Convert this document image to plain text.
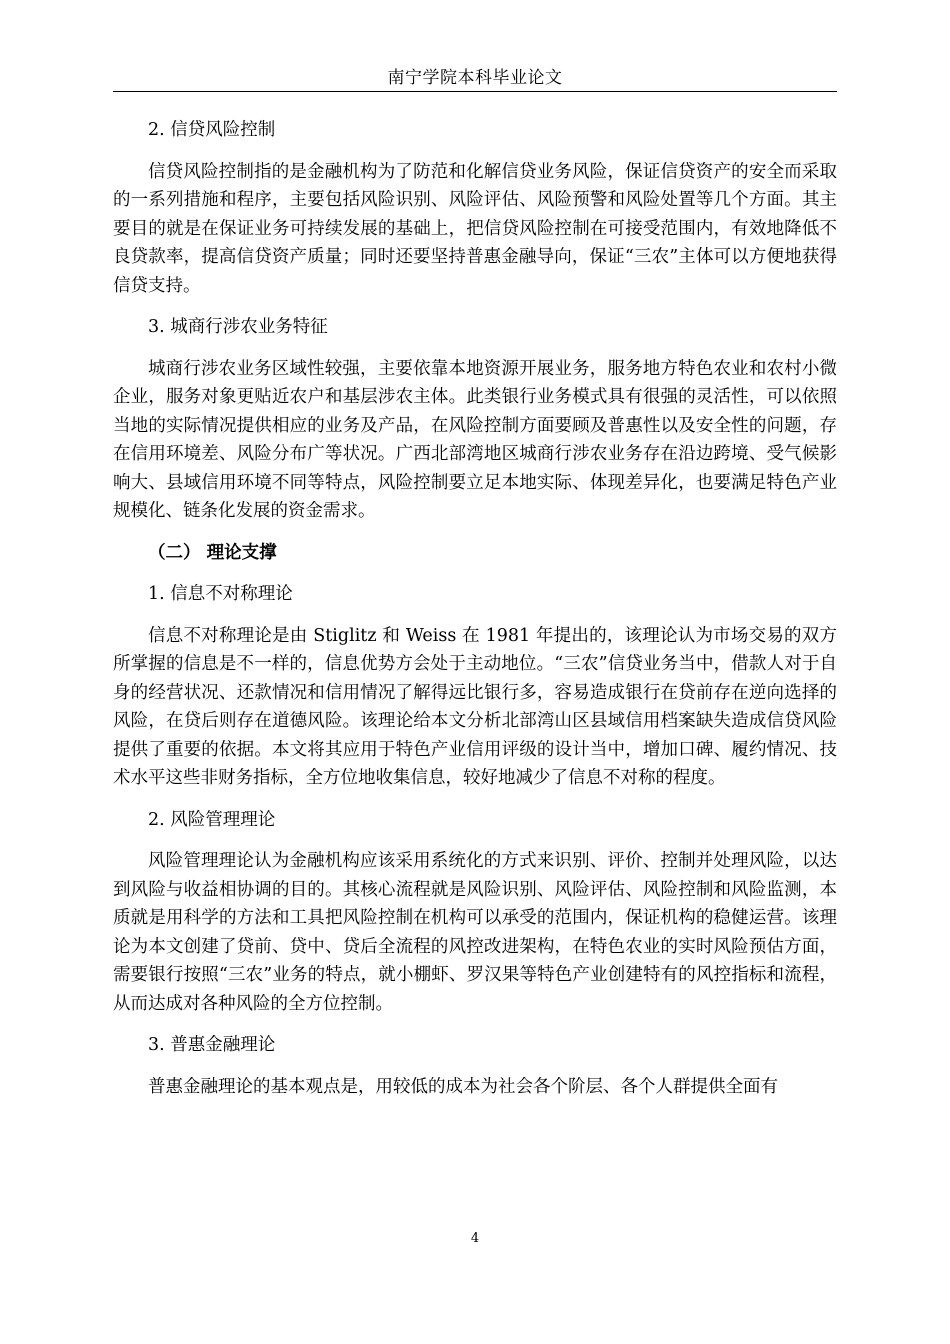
南宁学院本科毕业论文

2. 信贷风险控制

信贷风险控制指的是金融机构为了防范和化解信贷业务风险，保证信贷资产的安全而采取的一系列措施和程序，主要包括风险识别、风险评估、风险预警和风险处置等几个方面。其主要目的就是在保证业务可持续发展的基础上，把信贷风险控制在可接受范围内，有效地降低不良贷款率，提高信贷资产质量；同时还要坚持普惠金融导向，保证“三农”主体可以方便地获得信贷支持。

3. 城商行涉农业务特征

城商行涉农业务区域性较强，主要依靠本地资源开展业务，服务地方特色农业和农村小微企业，服务对象更贴近农户和基层涉农主体。此类银行业务模式具有很强的灵活性，可以依照当地的实际情况提供相应的业务及产品，在风险控制方面要顾及普惠性以及安全性的问题，存在信用环境差、风险分布广等状况。广西北部湾地区城商行涉农业务存在沿边跨境、受气候影响大、县域信用环境不同等特点，风险控制要立足本地实际、体现差异化，也要满足特色产业规模化、链条化发展的资金需求。

（二） 理论支撑

1. 信息不对称理论

信息不对称理论是由 Stiglitz 和 Weiss 在 1981 年提出的，该理论认为市场交易的双方所掌握的信息是不一样的，信息优势方会处于主动地位。“三农”信贷业务当中，借款人对于自身的经营状况、还款情况和信用情况了解得远比银行多，容易造成银行在贷前存在逆向选择的风险，在贷后则存在道德风险。该理论给本文分析北部湾山区县域信用档案缺失造成信贷风险提供了重要的依据。本文将其应用于特色产业信用评级的设计当中，增加口碑、履约情况、技术水平这些非财务指标，全方位地收集信息，较好地减少了信息不对称的程度。

2. 风险管理理论

风险管理理论认为金融机构应该采用系统化的方式来识别、评价、控制并处理风险，以达到风险与收益相协调的目的。其核心流程就是风险识别、风险评估、风险控制和风险监测，本质就是用科学的方法和工具把风险控制在机构可以承受的范围内，保证机构的稳健运营。该理论为本文创建了贷前、贷中、贷后全流程的风控改进架构，在特色农业的实时风险预估方面，需要银行按照“三农”业务的特点，就小棚虾、罗汉果等特色产业创建特有的风控指标和流程，从而达成对各种风险的全方位控制。

3. 普惠金融理论

普惠金融理论的基本观点是，用较低的成本为社会各个阶层、各个人群提供全面有

4
